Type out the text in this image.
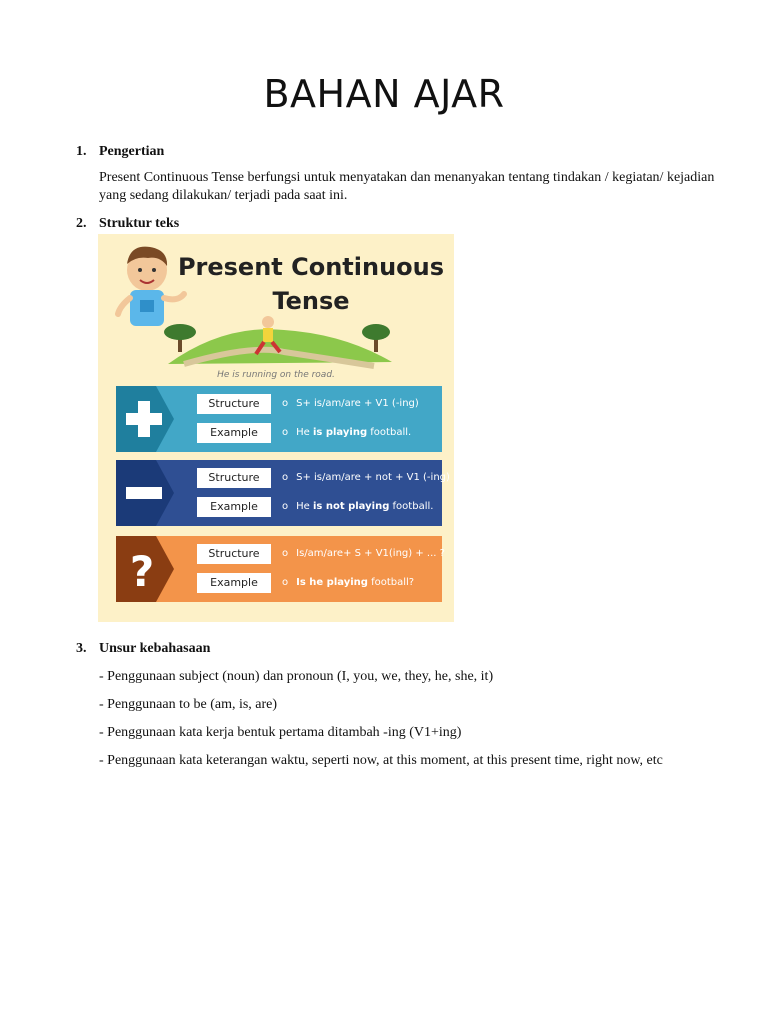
BAHAN AJAR
1. Pengertian
Present Continuous Tense berfungsi untuk menyatakan dan menanyakan tentang tindakan / kegiatan/ kejadian
yang sedang dilakukan/ terjadi pada saat ini.
2. Struktur teks
Present Continuous
Tense
He is running on the road.
Structure	o S+ is/am/are + V1 (-ing)
Example	o He is playing football.
Structure	o S+ is/am/are + not + V1 (-ing)
Example	o He is not playing football.
?	Structure	o Is/am/are+ S + V1(ing) + ... ?
Example	o Is he playing football?
3. Unsur kebahasaan
- Penggunaan subject (noun) dan pronoun (I, you, we, they, he, she, it)
- Penggunaan to be (am, is, are)
- Penggunaan kata kerja bentuk pertama ditambah -ing (V1+ing)
- Penggunaan kata keterangan waktu, seperti now, at this moment, at this present time, right now, etc
